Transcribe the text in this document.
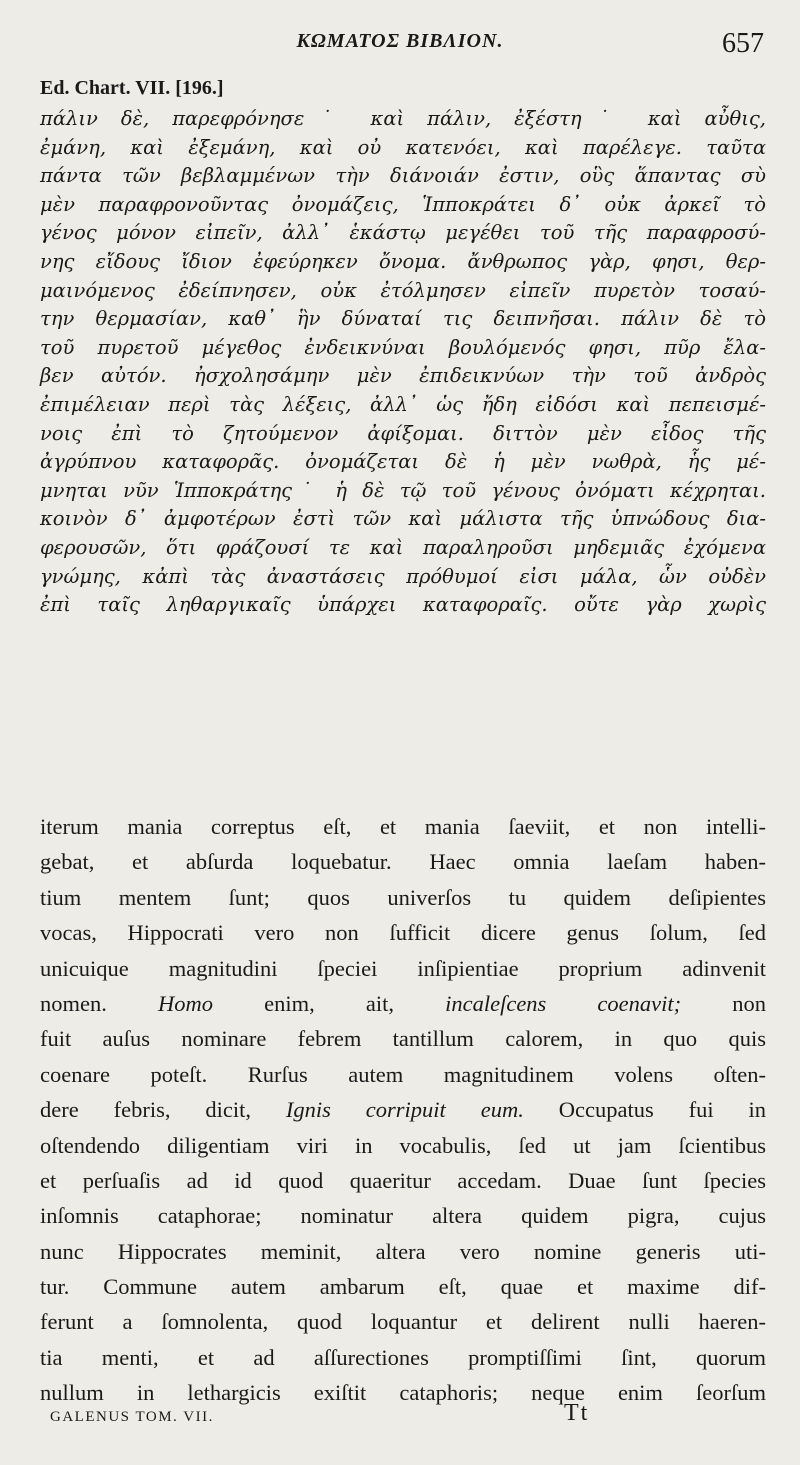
ΚΩΜΑΤΟΣ ΒΙΒΛΙΟΝ.	657
Ed. Chart. VII. [196.]
πάλιν δὲ, παρεφρόνησε˙ καὶ πάλιν, ἐξέστη˙ καὶ αὖθις,
ἐμάνη, καὶ ἐξεμάνη, καὶ οὐ κατενόει, καὶ παρέλεγε. ταῦτα
πάντα τῶν βεβλαμμένων τὴν διάνοιάν ἐστιν, οὓς ἅπαντας σὺ
μὲν παραφρονοῦντας ὀνομάζεις, Ἱπποκράτει δ᾽ οὐκ ἀρκεῖ τὸ
γένος μόνον εἰπεῖν, ἀλλ᾽ ἑκάστῳ μεγέθει τοῦ τῆς παραφροσύ-
νης εἴδους ἴδιον ἐφεύρηκεν ὄνομα. ἄνθρωπος γὰρ, φησι, θερ-
μαινόμενος ἐδείπνησεν, οὐκ ἐτόλμησεν εἰπεῖν πυρετὸν τοσαύ-
την θερμασίαν, καθ᾽ ἣν δύναταί τις δειπνῆσαι. πάλιν δὲ τὸ
τοῦ πυρετοῦ μέγεθος ἐνδεικνύναι βουλόμενός φησι, πῦρ ἔλα-
βεν αὐτόν. ἠσχολησάμην μὲν ἐπιδεικνύων τὴν τοῦ ἀνδρὸς
ἐπιμέλειαν περὶ τὰς λέξεις, ἀλλ᾽ ὡς ἤδη εἰδόσι καὶ πεπεισμέ-
νοις ἐπὶ τὸ ζητούμενον ἀφίξομαι. διττὸν μὲν εἶδος τῆς
ἀγρύπνου καταφορᾶς. ὀνομάζεται δὲ ἡ μὲν νωθρὰ, ἧς μέ-
μνηται νῦν Ἱπποκράτης˙ ἡ δὲ τῷ τοῦ γένους ὀνόματι κέχρηται.
κοινὸν δ᾽ ἀμφοτέρων ἐστὶ τῶν καὶ μάλιστα τῆς ὑπνώδους δια-
φερουσῶν, ὅτι φράζουσί τε καὶ παραληροῦσι μηδεμιᾶς ἐχόμενα
γνώμης, κἀπὶ τὰς ἀναστάσεις πρόθυμοί εἰσι μάλα, ὧν οὐδὲν
ἐπὶ ταῖς ληθαργικαῖς ὑπάρχει καταφοραῖς. οὔτε γὰρ χωρὶς
iterum mania correptus eſt, et mania ſaeviit, et non intelli-
gebat, et abſurda loquebatur. Haec omnia laeſam haben-
tium mentem ſunt; quos univerſos tu quidem deſipientes
vocas, Hippocrati vero non ſufficit dicere genus ſolum, ſed
unicuique magnitudini ſpeciei inſipientiae proprium adinvenit
nomen. Homo enim, ait, incaleſcens coenavit; non
fuit auſus nominare febrem tantillum calorem, in quo quis
coenare poteſt. Rurſus autem magnitudinem volens oſten-
dere febris, dicit, Ignis corripuit eum. Occupatus fui in
oſtendendo diligentiam viri in vocabulis, ſed ut jam ſcientibus
et perſuaſis ad id quod quaeritur accedam. Duae ſunt ſpecies
inſomnis cataphorae; nominatur altera quidem pigra, cujus
nunc Hippocrates meminit, altera vero nomine generis uti-
tur. Commune autem ambarum eſt, quae et maxime dif-
ferunt a ſomnolenta, quod loquantur et delirent nulli haeren-
tia menti, et ad aſſurectiones promptiſſimi ſint, quorum
nullum in lethargicis exiſtit cataphoris; neque enim ſeorſum
GALENUS TOM. VII.	Tt
